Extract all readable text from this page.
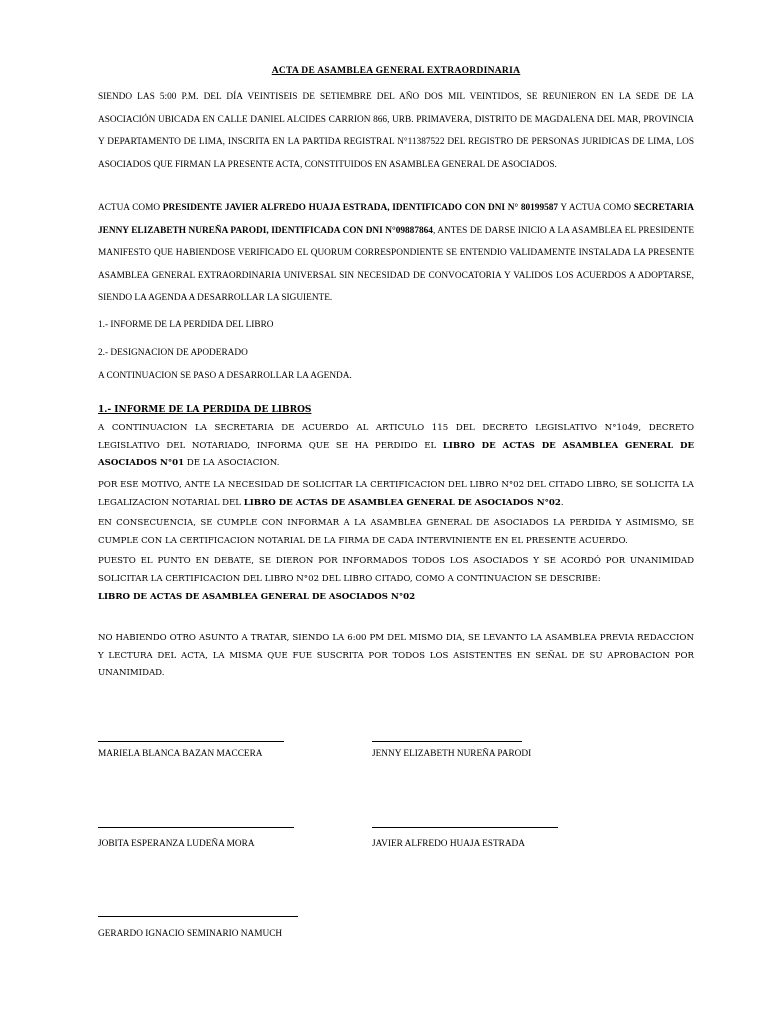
ACTA DE ASAMBLEA GENERAL EXTRAORDINARIA
SIENDO LAS 5:00 P.M. DEL DÍA VEINTISEIS DE SETIEMBRE DEL AÑO DOS MIL VEINTIDOS, SE REUNIERON EN LA SEDE DE LA ASOCIACIÓN UBICADA EN CALLE DANIEL ALCIDES CARRION 866, URB. PRIMAVERA, DISTRITO DE MAGDALENA DEL MAR, PROVINCIA Y DEPARTAMENTO DE LIMA, INSCRITA EN LA PARTIDA REGISTRAL N°11387522 DEL REGISTRO DE PERSONAS JURIDICAS DE LIMA, LOS ASOCIADOS QUE FIRMAN LA PRESENTE ACTA, CONSTITUIDOS EN ASAMBLEA GENERAL DE ASOCIADOS.
ACTUA COMO PRESIDENTE JAVIER ALFREDO HUAJA ESTRADA, IDENTIFICADO CON DNI N° 80199587 Y ACTUA COMO SECRETARIA JENNY ELIZABETH NUREÑA PARODI, IDENTIFICADA CON DNI N°09887864, ANTES DE DARSE INICIO A LA ASAMBLEA EL PRESIDENTE MANIFESTO QUE HABIENDOSE VERIFICADO EL QUORUM CORRESPONDIENTE SE ENTENDIO VALIDAMENTE INSTALADA LA PRESENTE ASAMBLEA GENERAL EXTRAORDINARIA UNIVERSAL SIN NECESIDAD DE CONVOCATORIA Y VALIDOS LOS ACUERDOS A ADOPTARSE, SIENDO LA AGENDA A DESARROLLAR LA SIGUIENTE.
1.- INFORME DE LA PERDIDA DEL LIBRO
2.- DESIGNACION DE APODERADO
A CONTINUACION SE PASO A DESARROLLAR LA AGENDA.
1.- INFORME DE LA PERDIDA DE LIBROS
A CONTINUACION LA SECRETARIA DE ACUERDO AL ARTICULO 115 DEL DECRETO LEGISLATIVO N°1049, DECRETO LEGISLATIVO DEL NOTARIADO, INFORMA QUE SE HA PERDIDO EL LIBRO DE ACTAS DE ASAMBLEA GENERAL DE ASOCIADOS N°01 DE LA ASOCIACION.
POR ESE MOTIVO, ANTE LA NECESIDAD DE SOLICITAR LA CERTIFICACION DEL LIBRO N°02 DEL CITADO LIBRO, SE SOLICITA LA LEGALIZACION NOTARIAL DEL LIBRO DE ACTAS DE ASAMBLEA GENERAL DE ASOCIADOS N°02.
EN CONSECUENCIA, SE CUMPLE CON INFORMAR A LA ASAMBLEA GENERAL DE ASOCIADOS LA PERDIDA Y ASIMISMO, SE CUMPLE CON LA CERTIFICACION NOTARIAL DE LA FIRMA DE CADA INTERVINIENTE EN EL PRESENTE ACUERDO.
PUESTO EL PUNTO EN DEBATE, SE DIERON POR INFORMADOS TODOS LOS ASOCIADOS Y SE ACORDÓ POR UNANIMIDAD SOLICITAR LA CERTIFICACION DEL LIBRO N°02 DEL LIBRO CITADO, COMO A CONTINUACION SE DESCRIBE:
LIBRO DE ACTAS DE ASAMBLEA GENERAL DE ASOCIADOS N°02
NO HABIENDO OTRO ASUNTO A TRATAR, SIENDO LA 6:00 PM DEL MISMO DIA, SE LEVANTO LA ASAMBLEA PREVIA REDACCION Y LECTURA DEL ACTA, LA MISMA QUE FUE SUSCRITA POR TODOS LOS ASISTENTES EN SEÑAL DE SU APROBACION POR UNANIMIDAD.
MARIELA BLANCA BAZAN MACCERA	JENNY ELIZABETH NUREÑA PARODI
JOBITA ESPERANZA LUDEÑA MORA	JAVIER ALFREDO HUAJA ESTRADA
GERARDO IGNACIO SEMINARIO NAMUCH
